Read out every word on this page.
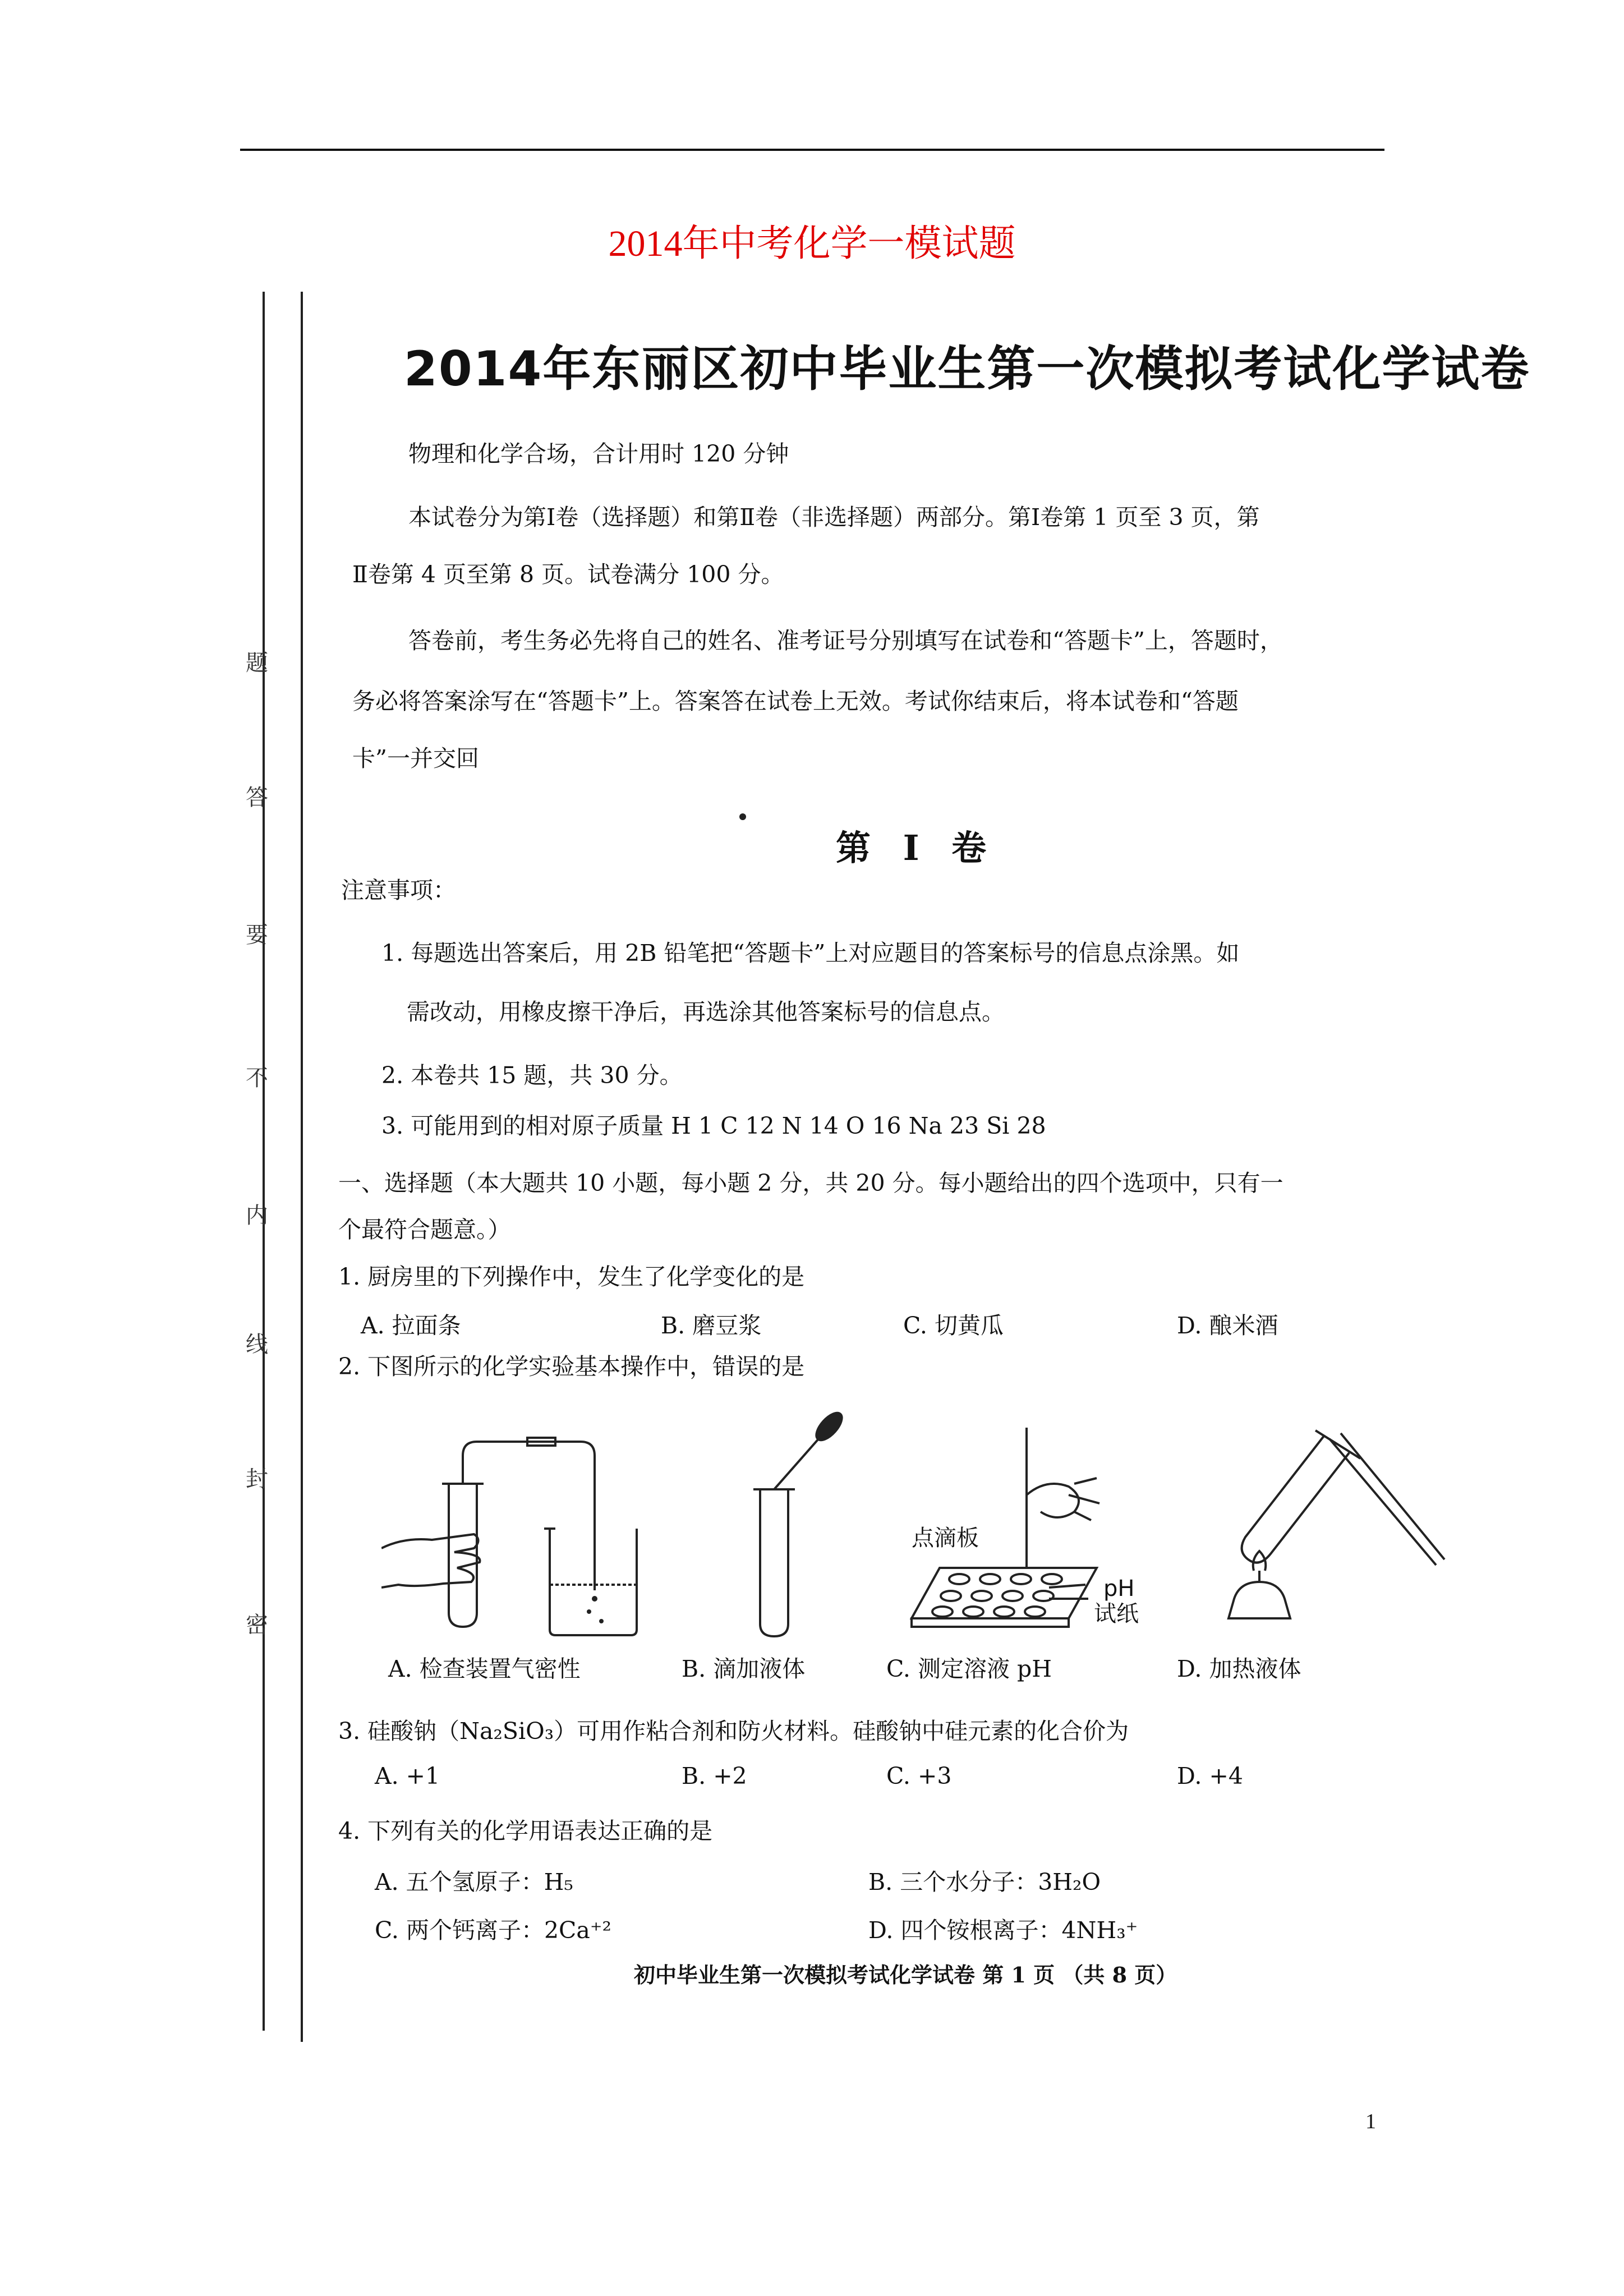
2014年中考化学一模试题
密
封
线
内
不
要
答
题
2014年东丽区初中毕业生第一次模拟考试化学试卷
物理和化学合场，合计用时 120 分钟
本试卷分为第Ⅰ卷（选择题）和第Ⅱ卷（非选择题）两部分。第Ⅰ卷第 1 页至 3 页，第
Ⅱ卷第 4 页至第 8 页。试卷满分 100 分。
答卷前，考生务必先将自己的姓名、准考证号分别填写在试卷和“答题卡”上，答题时，
务必将答案涂写在“答题卡”上。答案答在试卷上无效。考试你结束后，将本试卷和“答题
卡”一并交回
第 Ⅰ 卷
注意事项：
1. 每题选出答案后，用 2B 铅笔把“答题卡”上对应题目的答案标号的信息点涂黑。如
需改动，用橡皮擦干净后，再选涂其他答案标号的信息点。
2. 本卷共 15 题，共 30 分。
3. 可能用到的相对原子质量 H 1 C 12 N 14 O 16 Na 23 Si 28
一、选择题（本大题共 10 小题，每小题 2 分，共 20 分。每小题给出的四个选项中，只有一
个最符合题意。）
1. 厨房里的下列操作中，发生了化学变化的是
A. 拉面条	B. 磨豆浆	C. 切黄瓜	D. 酿米酒
2. 下图所示的化学实验基本操作中，错误的是
点滴板
pH
试纸
A. 检查装置气密性	B. 滴加液体	C. 测定溶液 pH	D. 加热液体
3. 硅酸钠（Na₂SiO₃）可用作粘合剂和防火材料。硅酸钠中硅元素的化合价为
A. +1	B. +2	C. +3	D. +4
4. 下列有关的化学用语表达正确的是
A. 五个氢原子：H₅	B. 三个水分子：3H₂O
C. 两个钙离子：2Ca⁺²	D. 四个铵根离子：4NH₃⁺
初中毕业生第一次模拟考试化学试卷 第 1 页 （共 8 页）
1
